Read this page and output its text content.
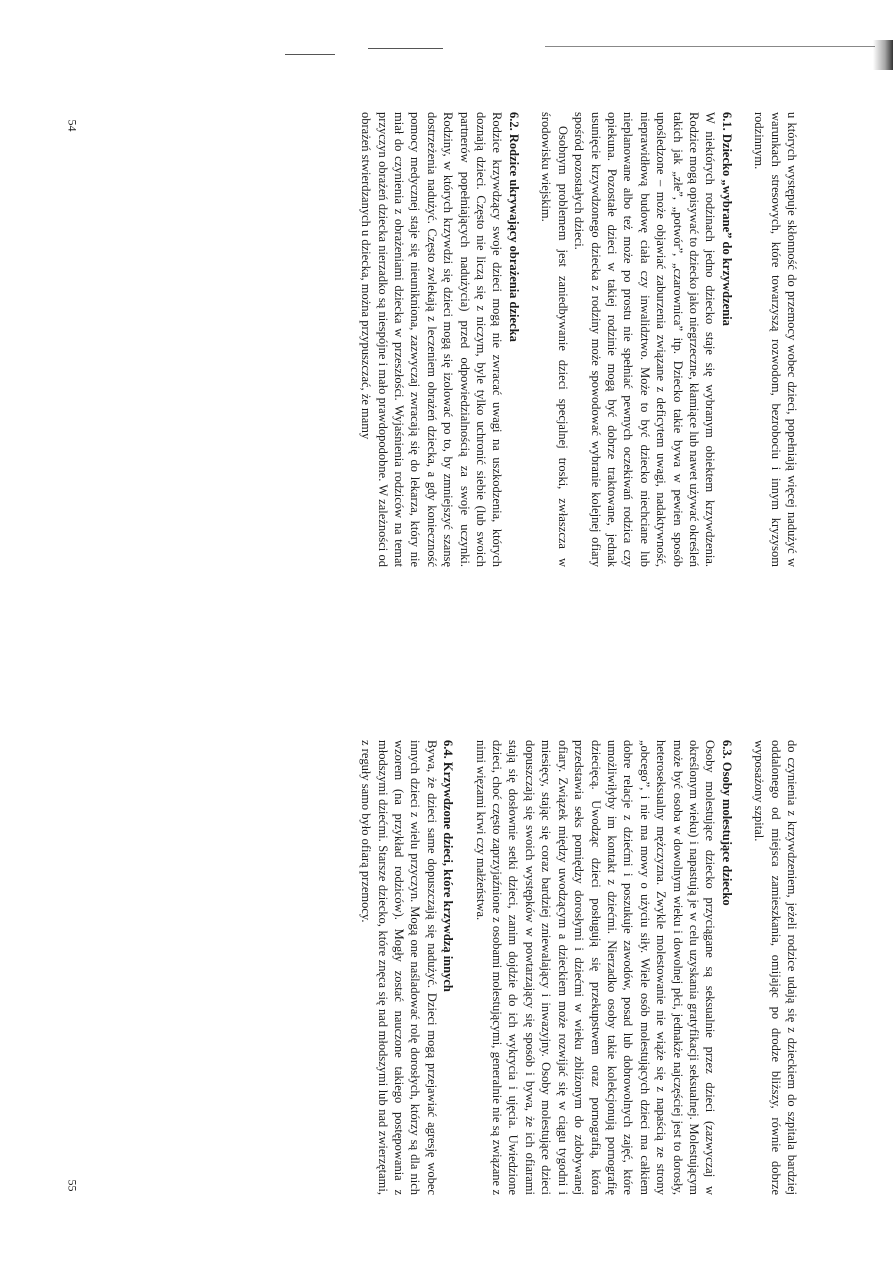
u których występuje skłonność do przemocy wobec dzieci, popełniają więcej nadużyć w warunkach stresowych, które towarzyszą rozwodom, bezrobociu i innym kryzysom rodzinnym.

6.1. Dziecko „wybrane” do krzywdzenia

W niektórych rodzinach jedno dziecko staje się wybranym obiektem krzywdzenia. Rodzice mogą opisywać to dziecko jako niegrzeczne, kłamiące lub nawet używać określeń takich jak „złe”, „potwór”, „czarownica” itp. Dziecko takie bywa w pewien sposób upośledzone – może objawiać zaburzenia związane z deficytem uwagi, nadaktywność, nieprawidłową budowę ciała czy inwalidztwo. Może to być dziecko niechciane lub nieplanowane albo też może po prostu nie spełniać pewnych oczekiwań rodzica czy opiekuna. Pozostałe dzieci w takiej rodzinie mogą być dobrze traktowane, jednak usunięcie krzywdzonego dziecka z rodziny może spowodować wybranie kolejnej ofiary spośród pozostałych dzieci.

Osobnym problemem jest zaniedbywanie dzieci specjalnej troski, zwłaszcza w środowisku wiejskim.

6.2. Rodzice ukrywający obrażenia dziecka

Rodzice krzywdzący swoje dzieci mogą nie zwracać uwagi na uszkodzenia, których doznają dzieci. Często nie liczą się z niczym, byle tylko uchronić siebie (lub swoich partnerów popełniających nadużycia) przed odpowiedzialnością za swoje uczynki. Rodziny, w których krzywdzi się dzieci mogą się izolować po to, by zmniejszyć szansę dostrzeżenia nadużyć. Często zwlekają z leczeniem obrażeń dziecka, a gdy konieczność pomocy medycznej staje się nieunikniona, zazwyczaj zwracają się do lekarza, który nie miał do czynienia z obrażeniami dziecka w przeszłości. Wyjaśnienia rodziców na temat przyczyn obrażeń dziecka nierzadko są niespójne i mało prawdopodobne. W zależności od obrażeń stwierdzanych u dziecka, można przypuszczać, że mamy

54

do czynienia z krzywdzeniem, jeżeli rodzice udają się z dzieckiem do szpitala bardziej oddalonego od miejsca zamieszkania, omijając po drodze bliższy, równie dobrze wyposażony szpital.

6.3. Osoby molestujące dziecko

Osoby molestujące dziecko przyciągane są seksualnie przez dzieci (zazwyczaj w określonym wieku) i napastują je w celu uzyskania gratyfikacji seksualnej. Molestującym może być osoba w dowolnym wieku i dowolnej płci, jednakże najczęściej jest to dorosły, heteroseksualny mężczyzna. Zwykle molestowanie nie wiąże się z napaścią ze strony „obcego”, i nie ma mowy o użyciu siły. Wiele osób molestujących dzieci ma całkiem dobre relacje z dziećmi i poszukuje zawodów, posad lub dobrowolnych zajęć, które umożliwiłyby im kontakt z dziećmi. Nierzadko osoby takie kolekcjonują pornografię dziecięcą. Uwodząc dzieci posługują się przekupstwem oraz pornografią, która przedstawia seks pomiędzy dorosłymi i dziećmi w wieku zbliżonym do zdobywanej ofiary. Związek między uwodzącym a dzieckiem może rozwijać się w ciągu tygodni i miesięcy, stając się coraz bardziej zniewalający i inwazyjny. Osoby molestujące dzieci dopuszczają się swoich występków w powtarzający się sposób i bywa, że ich ofiarami stają się dosłownie setki dzieci, zanim dojdzie do ich wykrycia i ujęcia. Uwiedzione dzieci, choć często zaprzyjaźnione z osobami molestującymi, generalnie nie są związane z nimi więzami krwi czy małżeństwa.

6.4. Krzywdzone dzieci, które krzywdzą innych

Bywa, że dzieci same dopuszczają się nadużyć. Dzieci mogą przejawiać agresję wobec innych dzieci z wielu przyczyn. Mogą one naśladować rolę dorosłych, którzy są dla nich wzorem (na przykład rodziców). Mogły zostać nauczone takiego postępowania z młodszymi dziećmi. Starsze dziecko, które znęca się nad młodszymi lub nad zwierzętami, z reguły samo było ofiarą przemocy.

55
